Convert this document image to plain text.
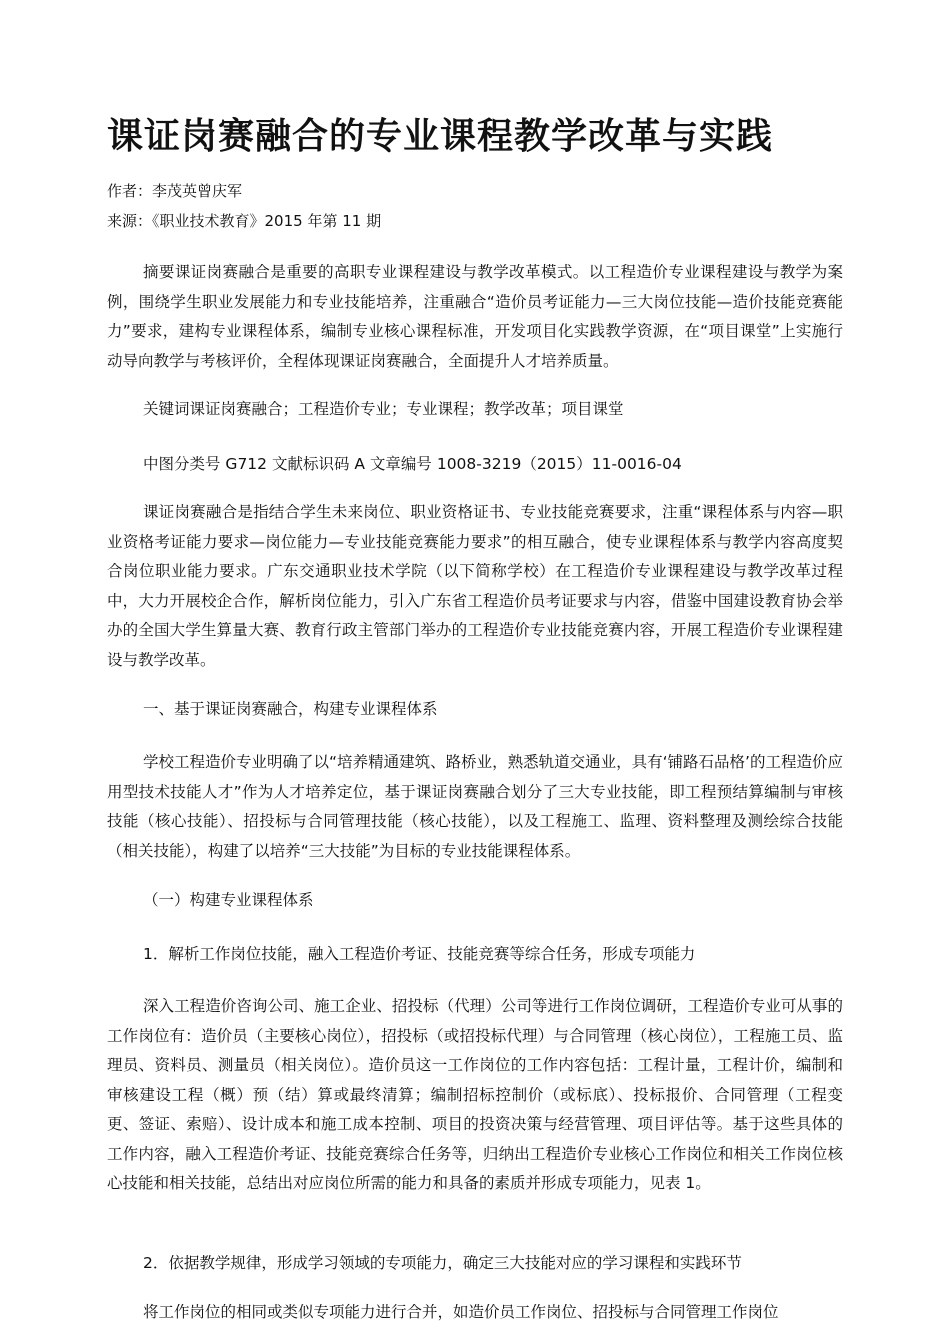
课证岗赛融合的专业课程教学改革与实践
作者：李茂英曾庆军
来源：《职业技术教育》2015 年第 11 期

摘要课证岗赛融合是重要的高职专业课程建设与教学改革模式。以工程造价专业课程建设与教学为案例，围绕学生职业发展能力和专业技能培养，注重融合“造价员考证能力—三大岗位技能—造价技能竞赛能力”要求，建构专业课程体系，编制专业核心课程标准，开发项目化实践教学资源，在“项目课堂”上实施行动导向教学与考核评价，全程体现课证岗赛融合，全面提升人才培养质量。

关键词课证岗赛融合；工程造价专业；专业课程；教学改革；项目课堂

中图分类号 G712 文献标识码 A 文章编号 1008-3219（2015）11-0016-04

课证岗赛融合是指结合学生未来岗位、职业资格证书、专业技能竞赛要求，注重“课程体系与内容—职业资格考证能力要求—岗位能力—专业技能竞赛能力要求”的相互融合，使专业课程体系与教学内容高度契合岗位职业能力要求。广东交通职业技术学院（以下简称学校）在工程造价专业课程建设与教学改革过程中，大力开展校企合作，解析岗位能力，引入广东省工程造价员考证要求与内容，借鉴中国建设教育协会举办的全国大学生算量大赛、教育行政主管部门举办的工程造价专业技能竞赛内容，开展工程造价专业课程建设与教学改革。

一、基于课证岗赛融合，构建专业课程体系

学校工程造价专业明确了以“培养精通建筑、路桥业，熟悉轨道交通业，具有‘铺路石品格’的工程造价应用型技术技能人才”作为人才培养定位，基于课证岗赛融合划分了三大专业技能，即工程预结算编制与审核技能（核心技能）、招投标与合同管理技能（核心技能），以及工程施工、监理、资料整理及测绘综合技能（相关技能），构建了以培养“三大技能”为目标的专业技能课程体系。

（一）构建专业课程体系

1．解析工作岗位技能，融入工程造价考证、技能竞赛等综合任务，形成专项能力

深入工程造价咨询公司、施工企业、招投标（代理）公司等进行工作岗位调研，工程造价专业可从事的工作岗位有：造价员（主要核心岗位），招投标（或招投标代理）与合同管理（核心岗位），工程施工员、监理员、资料员、测量员（相关岗位）。造价员这一工作岗位的工作内容包括：工程计量，工程计价，编制和审核建设工程（概）预（结）算或最终清算；编制招标控制价（或标底）、投标报价、合同管理（工程变更、签证、索赔）、设计成本和施工成本控制、项目的投资决策与经营管理、项目评估等。基于这些具体的工作内容，融入工程造价考证、技能竞赛综合任务等，归纳出工程造价专业核心工作岗位和相关工作岗位核心技能和相关技能，总结出对应岗位所需的能力和具备的素质并形成专项能力，见表 1。

2．依据教学规律，形成学习领域的专项能力，确定三大技能对应的学习课程和实践环节

将工作岗位的相同或类似专项能力进行合并，如造价员工作岗位、招投标与合同管理工作岗位
